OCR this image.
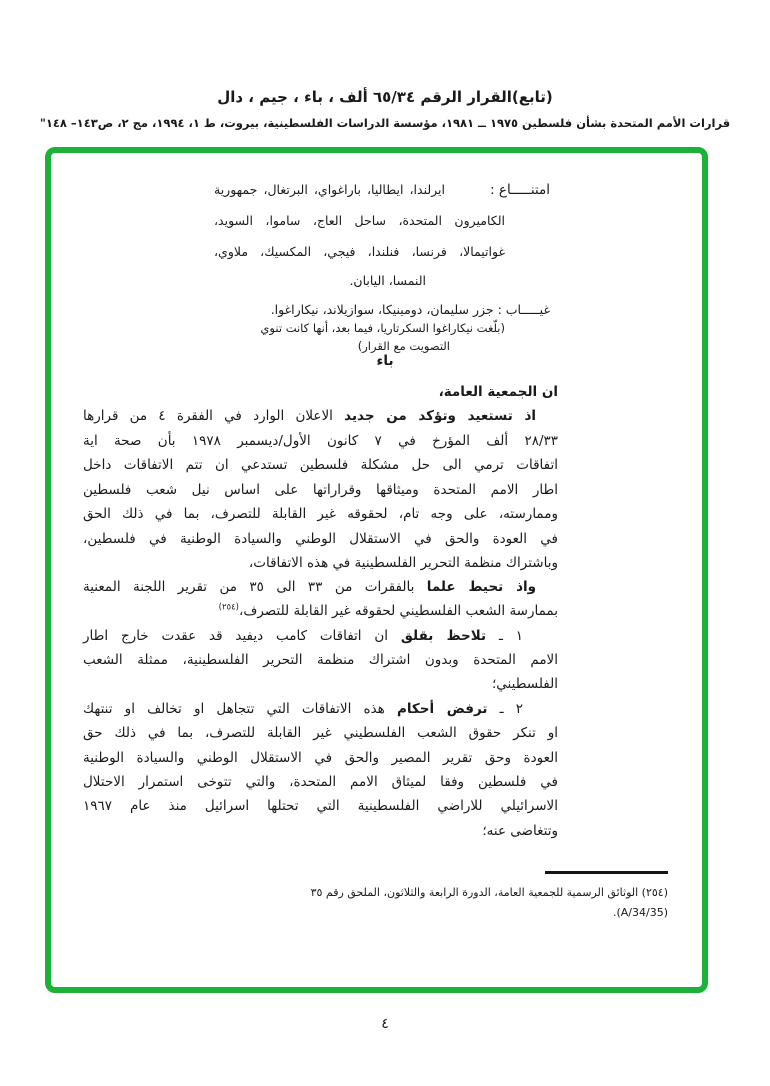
(تابع)القرار الرقم ٦٥/٣٤ ألف ، باء ، جيم ، دال
قرارات الأمم المتحدة بشأن فلسطين ١٩٧٥ ــ ١٩٨١، مؤسسة الدراسات الفلسطينية، بيروت، ط ١، ١٩٩٤، مج ٢، ص١٤٣– ١٤٨"
امتنـــــاع :
ايرلندا، ايطاليا، باراغواي، البرتغال، جمهورية
الكاميرون المتحدة، ساحل العاج، ساموا، السويد،
غواتيمالا، فرنسا، فنلندا، فيجي، المكسيك، ملاوي،
النمسا، اليابان.
غيـــــاب : جزر سليمان، دومينيكا، سوازيلاند، نيكاراغوا.
(بلّغت نيكاراغوا السكرتاريا، فيما بعد، أنها كانت تنوي
التصويت مع القرار)
باء
ان الجمعية العامة،
اذ تستعيد وتؤكد من جديد الاعلان الوارد في الفقرة ٤ من قرارها
٢٨/٣٣ ألف المؤرخ في ٧ كانون الأول/ديسمبر ١٩٧٨ بأن صحة اية
اتفاقات ترمي الى حل مشكلة فلسطين تستدعي ان تتم الاتفاقات داخل
اطار الامم المتحدة وميثاقها وقراراتها على اساس نيل شعب فلسطين
وممارسته، على وجه تام، لحقوقه غير القابلة للتصرف، بما في ذلك الحق
في العودة والحق في الاستقلال الوطني والسيادة الوطنية في فلسطين،
وباشتراك منظمة التحرير الفلسطينية في هذه الاتفاقات،
واذ تحيط علما بالفقرات من ٣٣ الى ٣٥ من تقرير اللجنة المعنية
بممارسة الشعب الفلسطيني لحقوقه غير القابلة للتصرف،$^{(٢٥٤)}$
١ ـ تلاحظ بقلق ان اتفاقات كامب ديفيد قد عقدت خارج اطار
الامم المتحدة وبدون اشتراك منظمة التحرير الفلسطينية، ممثلة الشعب
الفلسطيني؛
٢ ـ ترفض أحكام هذه الاتفاقات التي تتجاهل او تخالف او تنتهك
او تنكر حقوق الشعب الفلسطيني غير القابلة للتصرف، بما في ذلك حق
العودة وحق تقرير المصير والحق في الاستقلال الوطني والسيادة الوطنية
في فلسطين وفقا لميثاق الامم المتحدة، والتي تتوخى استمرار الاحتلال
الاسرائيلي للاراضي الفلسطينية التي تحتلها اسرائيل منذ عام ١٩٦٧
وتتغاضى عنه؛
(٢٥٤) الوثائق الرسمية للجمعية العامة، الدورة الرابعة والثلاثون، الملحق رقم ٣٥
(A/34/35).
٤
